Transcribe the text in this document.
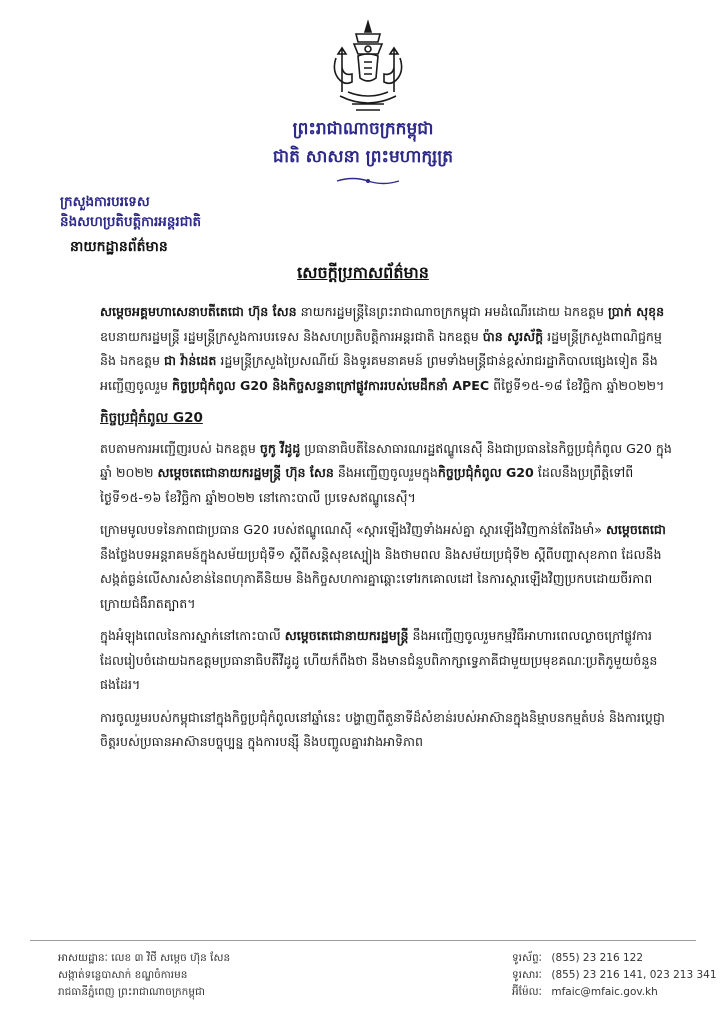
ព្រះរាជាណាចក្រកម្ពុជា
ជាតិ សាសនា ព្រះមហាក្សត្រ
ក្រសួងការបរទេស
និងសហប្រតិបត្តិការអន្តរជាតិ
នាយកដ្ឋានព័ត៌មាន
សេចក្តីប្រកាសព័ត៌មាន

សម្តេចអគ្គមហាសេនាបតីតេជោ ហ៊ុន សែន នាយករដ្ឋមន្ត្រីនៃព្រះរាជាណាចក្រកម្ពុជា អមដំណើរដោយ ឯកឧត្តម ប្រាក់ សុខុន ឧបនាយករដ្ឋមន្ត្រី រដ្ឋមន្ត្រីក្រសួងការបរទេស និងសហប្រតិបត្តិការអន្តរជាតិ ឯកឧត្តម ប៉ាន សូរស័ក្តិ រដ្ឋមន្ត្រីក្រសួងពាណិជ្ជកម្ម និង ឯកឧត្តម ជា វ៉ាន់ដេត រដ្ឋមន្ត្រីក្រសួងប្រៃសណីយ៍ និងទូរគមនាគមន៍ ព្រមទាំងមន្ត្រីជាន់ខ្ពស់រាជរដ្ឋាភិបាលផ្សេងទៀត នឹងអញ្ជើញចូលរួម កិច្ចប្រជុំកំពូល G20 និងកិច្ចសន្ទនាក្រៅផ្លូវការរបស់មេដឹកនាំ APEC ពីថ្ងៃទី១៥-១៨ ខែវិច្ឆិកា ឆ្នាំ២០២២។

កិច្ចប្រជុំកំពូល G20

តបតាមការអញ្ជើញរបស់ ឯកឧត្តម ចូកូ វីដូដូ ប្រធានាធិបតីនៃសាធារណរដ្ឋឥណ្ឌូនេស៊ី និងជាប្រធាននៃកិច្ចប្រជុំកំពូល G20 ក្នុងឆ្នាំ ២០២២ សម្តេចតេជោនាយករដ្ឋមន្ត្រី ហ៊ុន សែន នឹងអញ្ជើញចូលរួមក្នុងកិច្ចប្រជុំកំពូល G20 ដែលនឹងប្រព្រឹត្តិទៅពីថ្ងៃទី១៥-១៦ ខែវិច្ឆិកា ឆ្នាំ២០២២ នៅកោះបាលី ប្រទេសឥណ្ឌូនេស៊ី។

ក្រោមមូលបទនៃភាពជាប្រធាន G20 របស់ឥណ្ឌូណេស៊ី «ស្តារឡើងវិញទាំងអស់គ្នា ស្តារឡើងវិញកាន់តែរឹងមាំ» សម្តេចតេជោ នឹងថ្លែងបទអន្តរាគមន៍ក្នុងសម័យប្រជុំទី១ ស្តីពីសន្តិសុខស្បៀង និងថាមពល និងសម័យប្រជុំទី២ ស្តីពីបញ្ហាសុខភាព ដែលនឹងសង្កត់ធ្ងន់លើសារសំខាន់នៃពហុភាគីនិយម និងកិច្ចសហការគ្នាឆ្ពោះទៅរកគោលដៅ នៃការស្តារឡើងវិញប្រកបដោយចីរភាពក្រោយជំងឺរាតត្បាត។

ក្នុងអំឡុងពេលនៃការស្នាក់នៅកោះបាលី សម្តេចតេជោនាយករដ្ឋមន្ត្រី នឹងអញ្ជើញចូលរួមកម្មវិធីអាហារពេលល្ងាចក្រៅផ្លូវការ ដែលរៀបចំដោយឯកឧត្តមប្រធានាធិបតីវីដូដូ ហើយក៏ពឹងថា នឹងមានជំនួបពិភាក្សាទ្វេភាគីជាមួយប្រមុខគណៈប្រតិភូមួយចំនួន ផងដែរ។

ការចូលរួមរបស់កម្ពុជានៅក្នុងកិច្ចប្រជុំកំពូលនៅឆ្នាំនេះ បង្ហាញពីតួនាទីដ៏សំខាន់របស់អាស៊ានក្នុងនិម្មាបនកម្មតំបន់ និងការប្តេជ្ញាចិត្តរបស់ប្រធានអាស៊ានបច្ចុប្បន្ន ក្នុងការបន្សុី និងបញ្ចូលគ្នារវាងអាទិភាព

អាសយដ្ឋានៈ លេខ ៣ វិថី សម្តេច ហ៊ុន សែន
សង្កាត់ទន្លេបាសាក់ ខណ្ឌចំការមន
រាជធានីភ្នំពេញ ព្រះរាជាណាចក្រកម្ពុជា
ទូរស័ព្ទៈ (855) 23 216 122
ទូរសារៈ (855) 23 216 141, 023 213 341
អ៊ីម៉ែលៈ mfaic@mfaic.gov.kh
